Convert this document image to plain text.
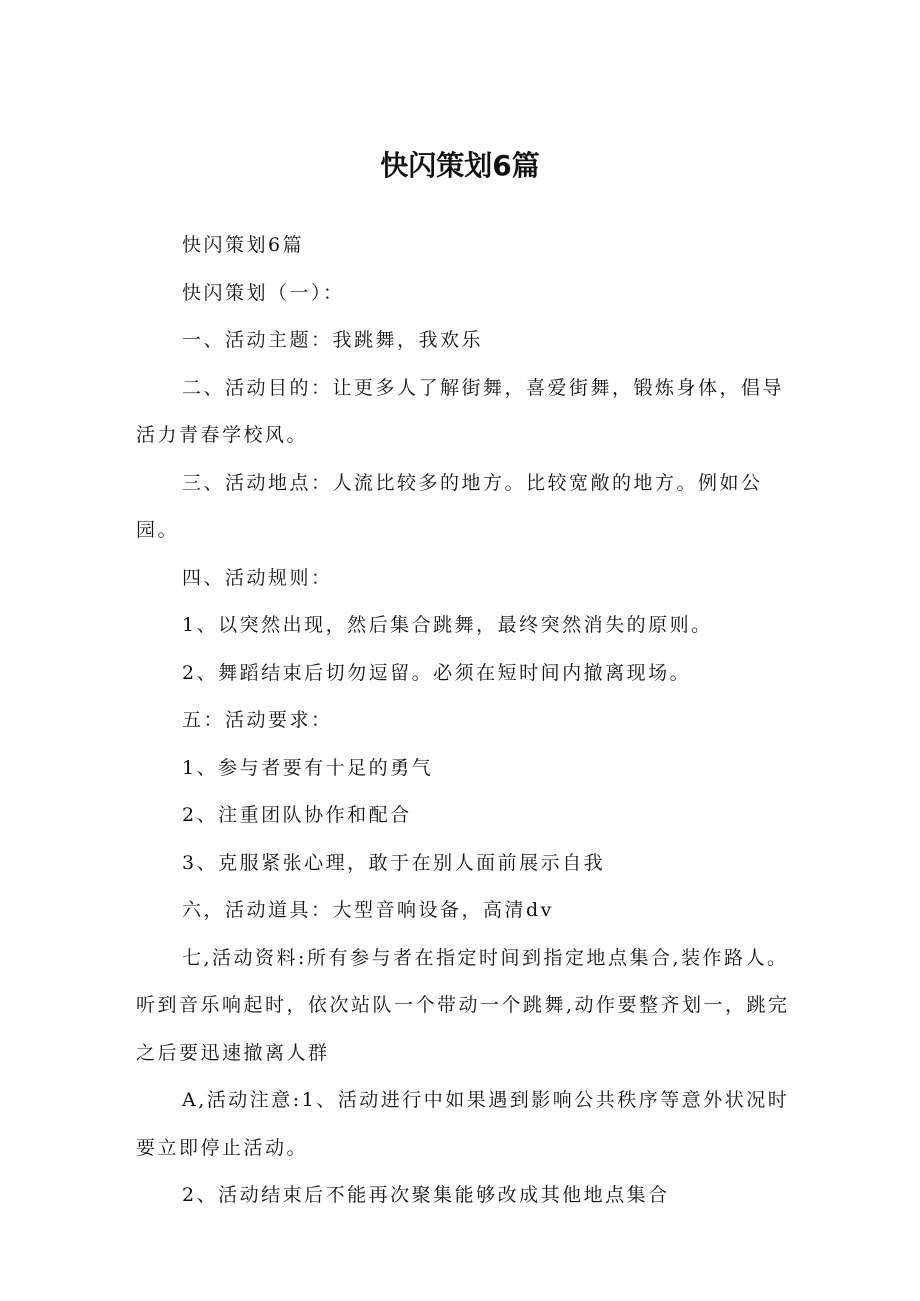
快闪策划6篇

快闪策划6篇

快闪策划（一）：

一、活动主题：我跳舞，我欢乐

二、活动目的：让更多人了解街舞，喜爱街舞，锻炼身体，倡导活力青春学校风。

三、活动地点：人流比较多的地方。比较宽敞的地方。例如公园。

四、活动规则：

1、以突然出现，然后集合跳舞，最终突然消失的原则。

2、舞蹈结束后切勿逗留。必须在短时间内撤离现场。

五：活动要求：

1、参与者要有十足的勇气

2、注重团队协作和配合

3、克服紧张心理，敢于在别人面前展示自我

六，活动道具：大型音响设备，高清dv

七,活动资料:所有参与者在指定时间到指定地点集合,装作路人。听到音乐响起时，依次站队一个带动一个跳舞,动作要整齐划一，跳完之后要迅速撤离人群

A,活动注意:1、活动进行中如果遇到影响公共秩序等意外状况时要立即停止活动。

2、活动结束后不能再次聚集能够改成其他地点集合
